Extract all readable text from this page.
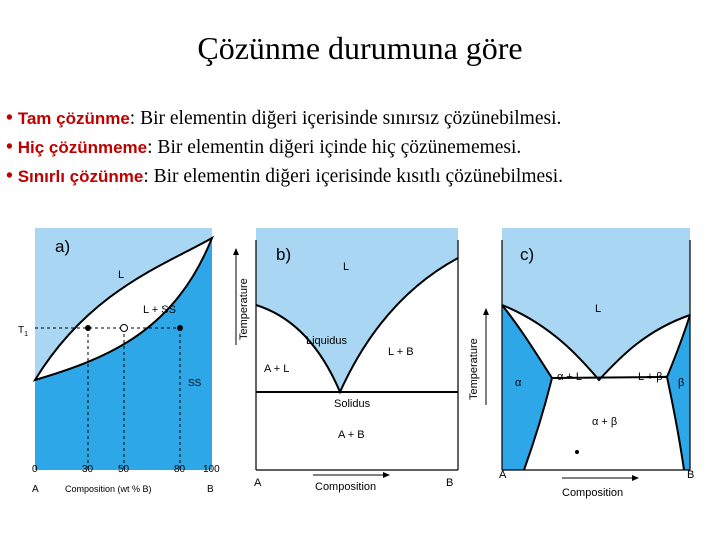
Çözünme durumuna göre
• Tam çözünme: Bir elementin diğeri içerisinde sınırsız çözünebilmesi.
• Hiç çözünmeme: Bir elementin diğeri içinde hiç çözünememesi.
• Sınırlı çözünme: Bir elementin diğeri içerisinde kısıtlı çözünebilmesi.
a)
L
L + SS
SS
$T_1$
0	30 50	80 100
A	Composition (wt % B)	B
b)
Temperature
L
Liquidus
A + L
L + B
Solidus
A + B
A	Composition	B
c)
Temperature
L
α	α + L	L + β β
α + β
A
Composition
B
